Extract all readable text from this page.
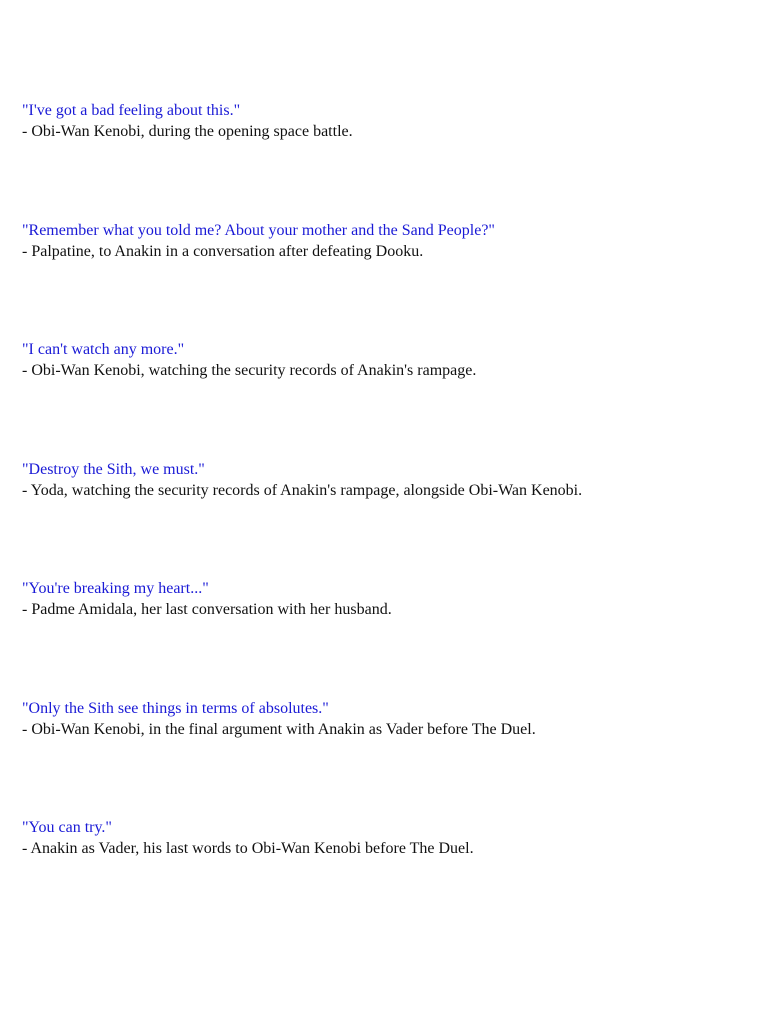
"I've got a bad feeling about this."
- Obi-Wan Kenobi, during the opening space battle.
"Remember what you told me? About your mother and the Sand People?"
- Palpatine, to Anakin in a conversation after defeating Dooku.
"I can't watch any more."
- Obi-Wan Kenobi, watching the security records of Anakin's rampage.
"Destroy the Sith, we must."
- Yoda, watching the security records of Anakin's rampage, alongside Obi-Wan Kenobi.
"You're breaking my heart..."
- Padme Amidala, her last conversation with her husband.
"Only the Sith see things in terms of absolutes."
- Obi-Wan Kenobi, in the final argument with Anakin as Vader before The Duel.
"You can try."
- Anakin as Vader, his last words to Obi-Wan Kenobi before The Duel.
